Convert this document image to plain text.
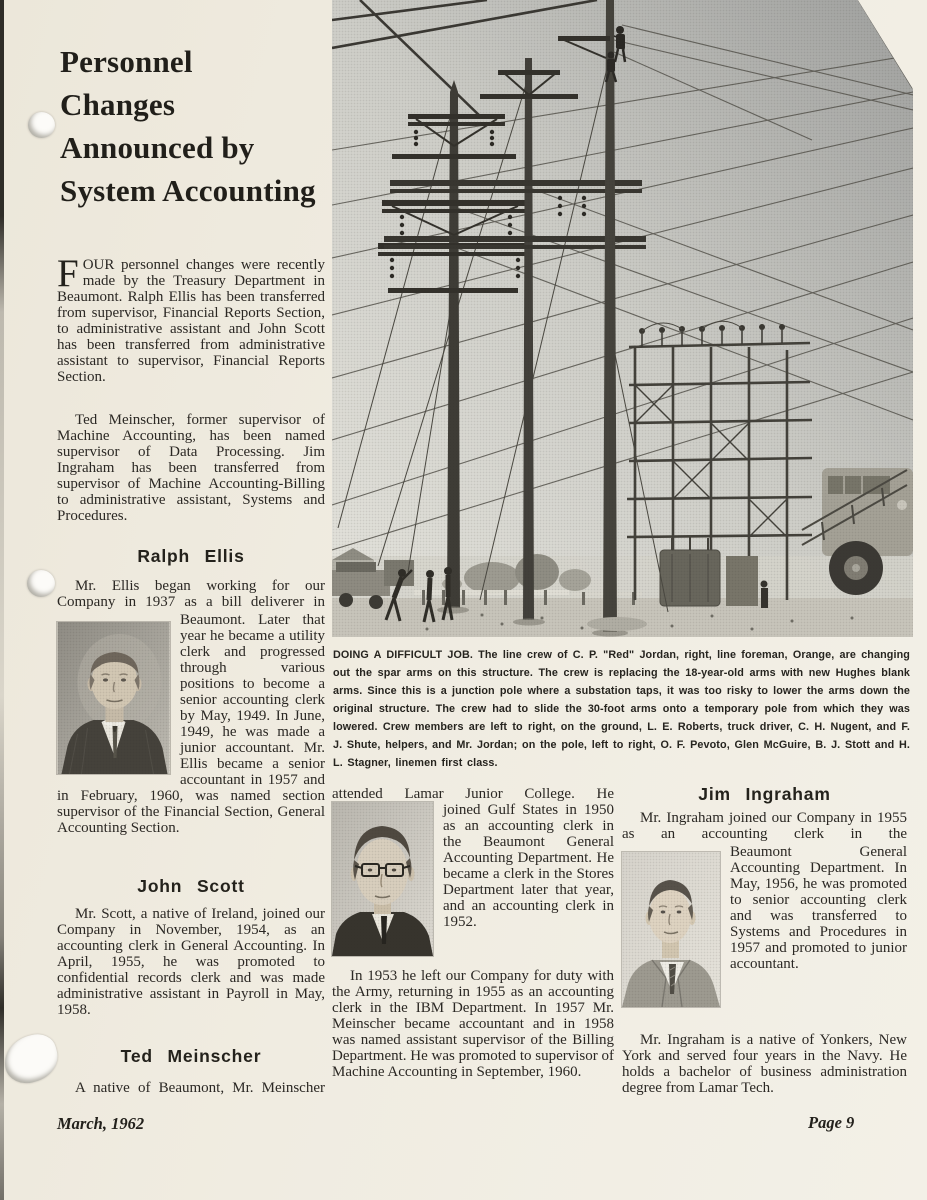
Personnel
Changes
Announced by
System Accounting
FOUR personnel changes were recently made by the Treasury Department in Beaumont. Ralph Ellis has been transferred from supervisor, Financial Reports Section, to administrative assistant and John Scott has been transferred from administrative assistant to supervisor, Financial Reports Section.
Ted Meinscher, former supervisor of Machine Accounting, has been named supervisor of Data Processing. Jim Ingraham has been transferred from supervisor of Machine Accounting-Billing to administrative assistant, Systems and Procedures.
DOING A DIFFICULT JOB. The line crew of C. P. "Red" Jordan, right, line foreman, Orange, are changing out the spar arms on this structure. The crew is replacing the 18-year-old arms with new Hughes blank arms. Since this is a junction pole where a substation taps, it was too risky to lower the arms down the original structure. The crew had to slide the 30-foot arms onto a temporary pole from which they was lowered. Crew members are left to right, on the ground, L. E. Roberts, truck driver, C. H. Nugent, and F. J. Shute, helpers, and Mr. Jordan; on the pole, left to right, O. F. Pevoto, Glen McGuire, B. J. Stott and H. L. Stagner, linemen first class.
Ralph Ellis
Mr. Ellis began working for our Company in 1937 as a bill deliverer in
Beaumont. Later that year he became a utility clerk and progressed through various positions to become a senior accounting clerk by May, 1949. In June, 1949, he was made a junior accountant. Mr. Ellis became a senior accountant in 1957 and in February, 1960, was named section supervisor of the Financial Section, General Accounting Section.
John Scott
Mr. Scott, a native of Ireland, joined our Company in November, 1954, as an accounting clerk in General Accounting. In April, 1955, he was promoted to confidential records clerk and was made administrative assistant in Payroll in May, 1958.
Ted Meinscher
A native of Beaumont, Mr. Meinscher
attended Lamar Junior College. He
joined Gulf States in 1950 as an accounting clerk in the Beaumont General Accounting Department. He became a clerk in the Stores Department later that year, and an accounting clerk in 1952.
In 1953 he left our Company for duty with the Army, returning in 1955 as an accounting clerk in the IBM Department. In 1957 Mr. Meinscher became accountant and in 1958 was named assistant supervisor of the Billing Department. He was promoted to supervisor of Machine Accounting in September, 1960.
Jim Ingraham
Mr. Ingraham joined our Company in 1955 as an accounting clerk in the
Beaumont General Accounting Department. In May, 1956, he was promoted to senior accounting clerk and was transferred to Systems and Procedures in 1957 and promoted to junior accountant.
Mr. Ingraham is a native of Yonkers, New York and served four years in the Navy. He holds a bachelor of business administration degree from Lamar Tech.
March, 1962	Page 9
